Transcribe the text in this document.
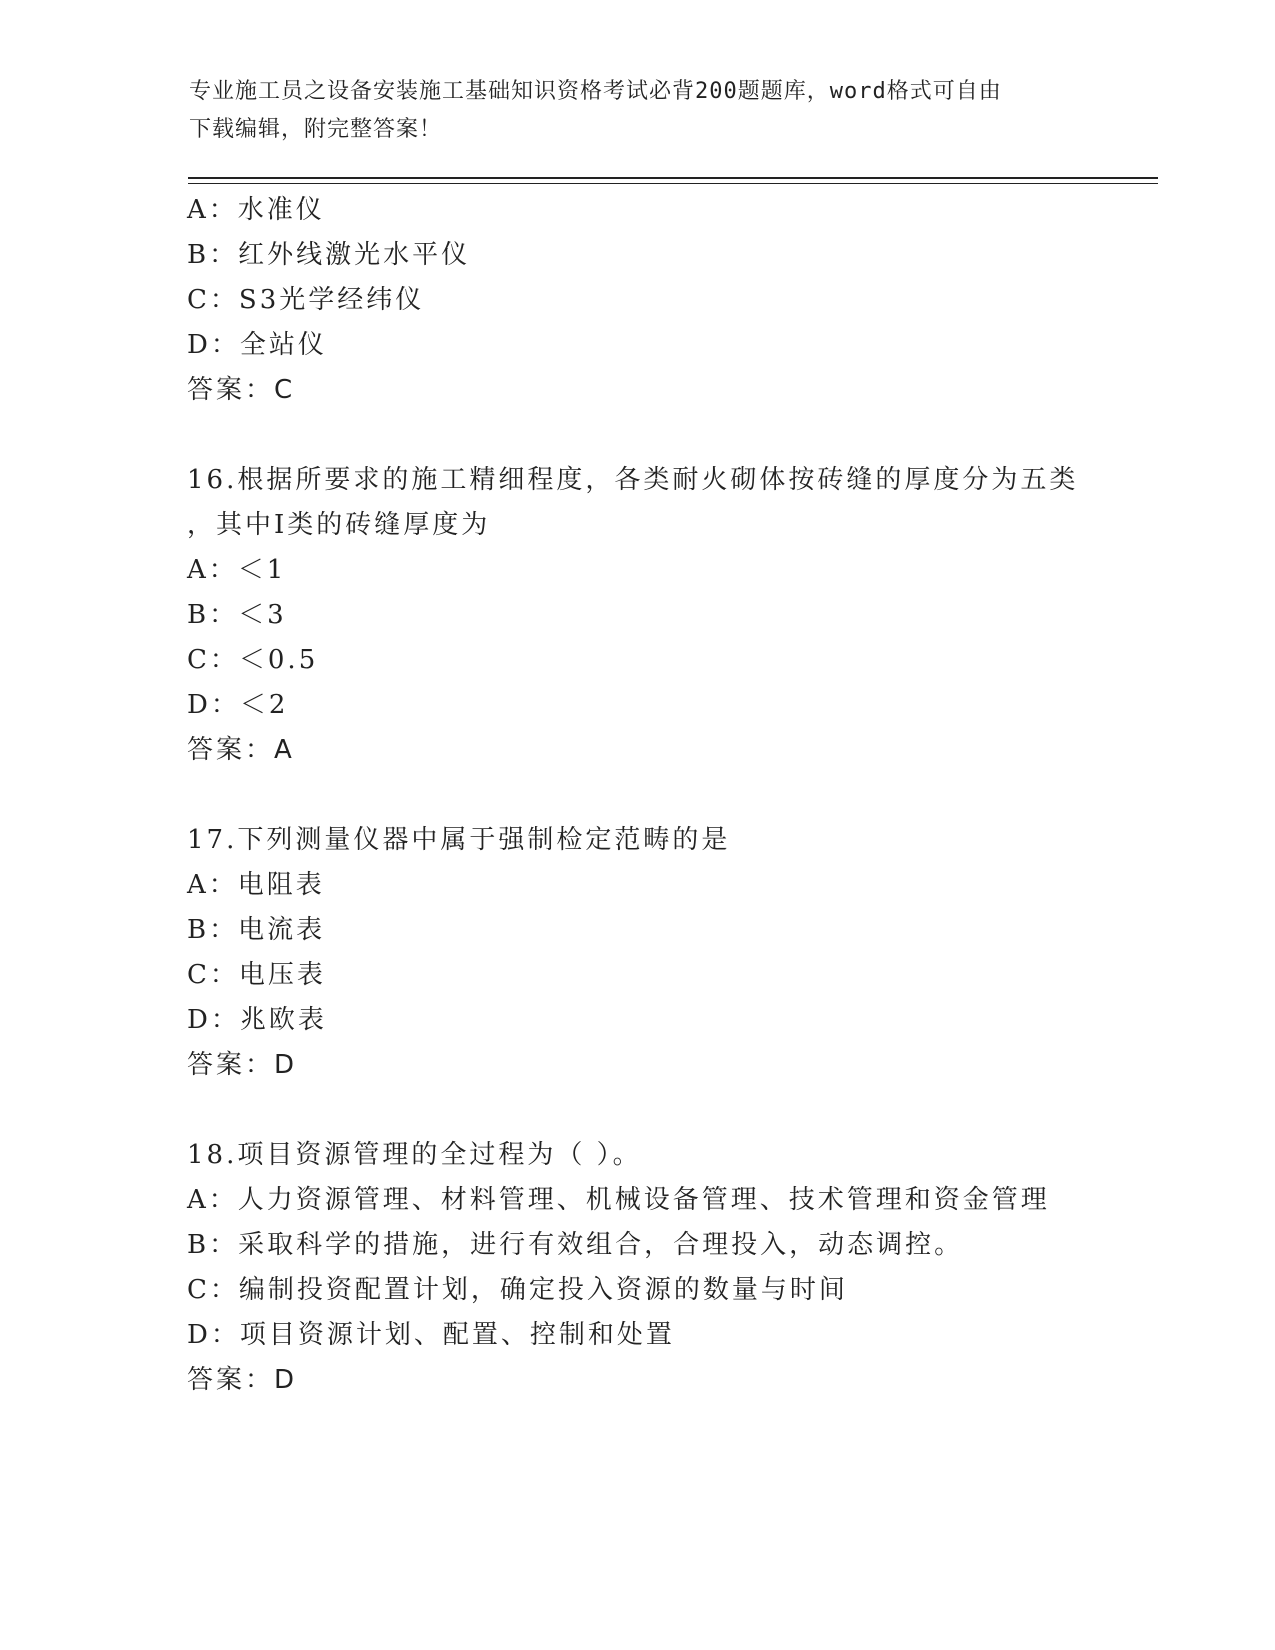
专业施工员之设备安装施工基础知识资格考试必背200题题库，word格式可自由
下载编辑，附完整答案！
A：水准仪
B：红外线激光水平仪
C：S3光学经纬仪
D：全站仪
答案：C
16.根据所要求的施工精细程度，各类耐火砌体按砖缝的厚度分为五类
，其中Ⅰ类的砖缝厚度为
A：＜1
B：＜3
C：＜0.5
D：＜2
答案：A
17.下列测量仪器中属于强制检定范畴的是
A：电阻表
B：电流表
C：电压表
D：兆欧表
答案：D
18.项目资源管理的全过程为（ ）。
A：人力资源管理、材料管理、机械设备管理、技术管理和资金管理
B：采取科学的措施，进行有效组合，合理投入，动态调控。
C：编制投资配置计划，确定投入资源的数量与时间
D：项目资源计划、配置、控制和处置
答案：D
